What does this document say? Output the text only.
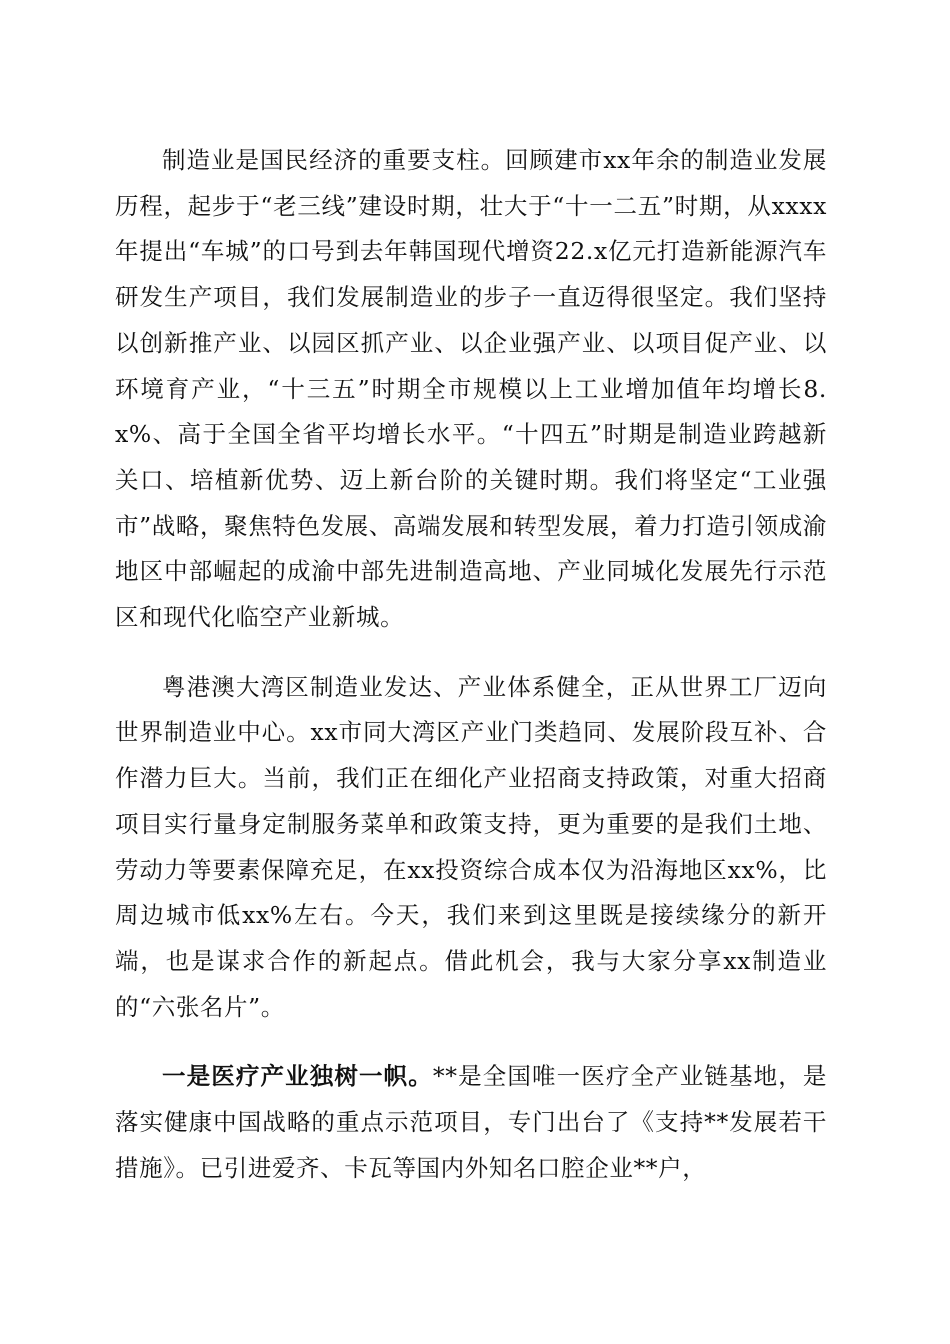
制造业是国民经济的重要支柱。回顾建市xx年余的制造业发展历程，起步于“老三线”建设时期，壮大于“十一二五”时期，从xxxx年提出“车城”的口号到去年韩国现代增资22.x亿元打造新能源汽车研发生产项目，我们发展制造业的步子一直迈得很坚定。我们坚持以创新推产业、以园区抓产业、以企业强产业、以项目促产业、以环境育产业，“十三五”时期全市规模以上工业增加值年均增长8.x%、高于全国全省平均增长水平。“十四五”时期是制造业跨越新关口、培植新优势、迈上新台阶的关键时期。我们将坚定“工业强市”战略，聚焦特色发展、高端发展和转型发展，着力打造引领成渝地区中部崛起的成渝中部先进制造高地、产业同城化发展先行示范区和现代化临空产业新城。

粤港澳大湾区制造业发达、产业体系健全，正从世界工厂迈向世界制造业中心。xx市同大湾区产业门类趋同、发展阶段互补、合作潜力巨大。当前，我们正在细化产业招商支持政策，对重大招商项目实行量身定制服务菜单和政策支持，更为重要的是我们土地、劳动力等要素保障充足，在xx投资综合成本仅为沿海地区xx%，比周边城市低xx%左右。今天，我们来到这里既是接续缘分的新开端，也是谋求合作的新起点。借此机会，我与大家分享xx制造业的“六张名片”。

一是医疗产业独树一帜。**是全国唯一医疗全产业链基地，是落实健康中国战略的重点示范项目，专门出台了《支持**发展若干措施》。已引进爱齐、卡瓦等国内外知名口腔企业**户，
